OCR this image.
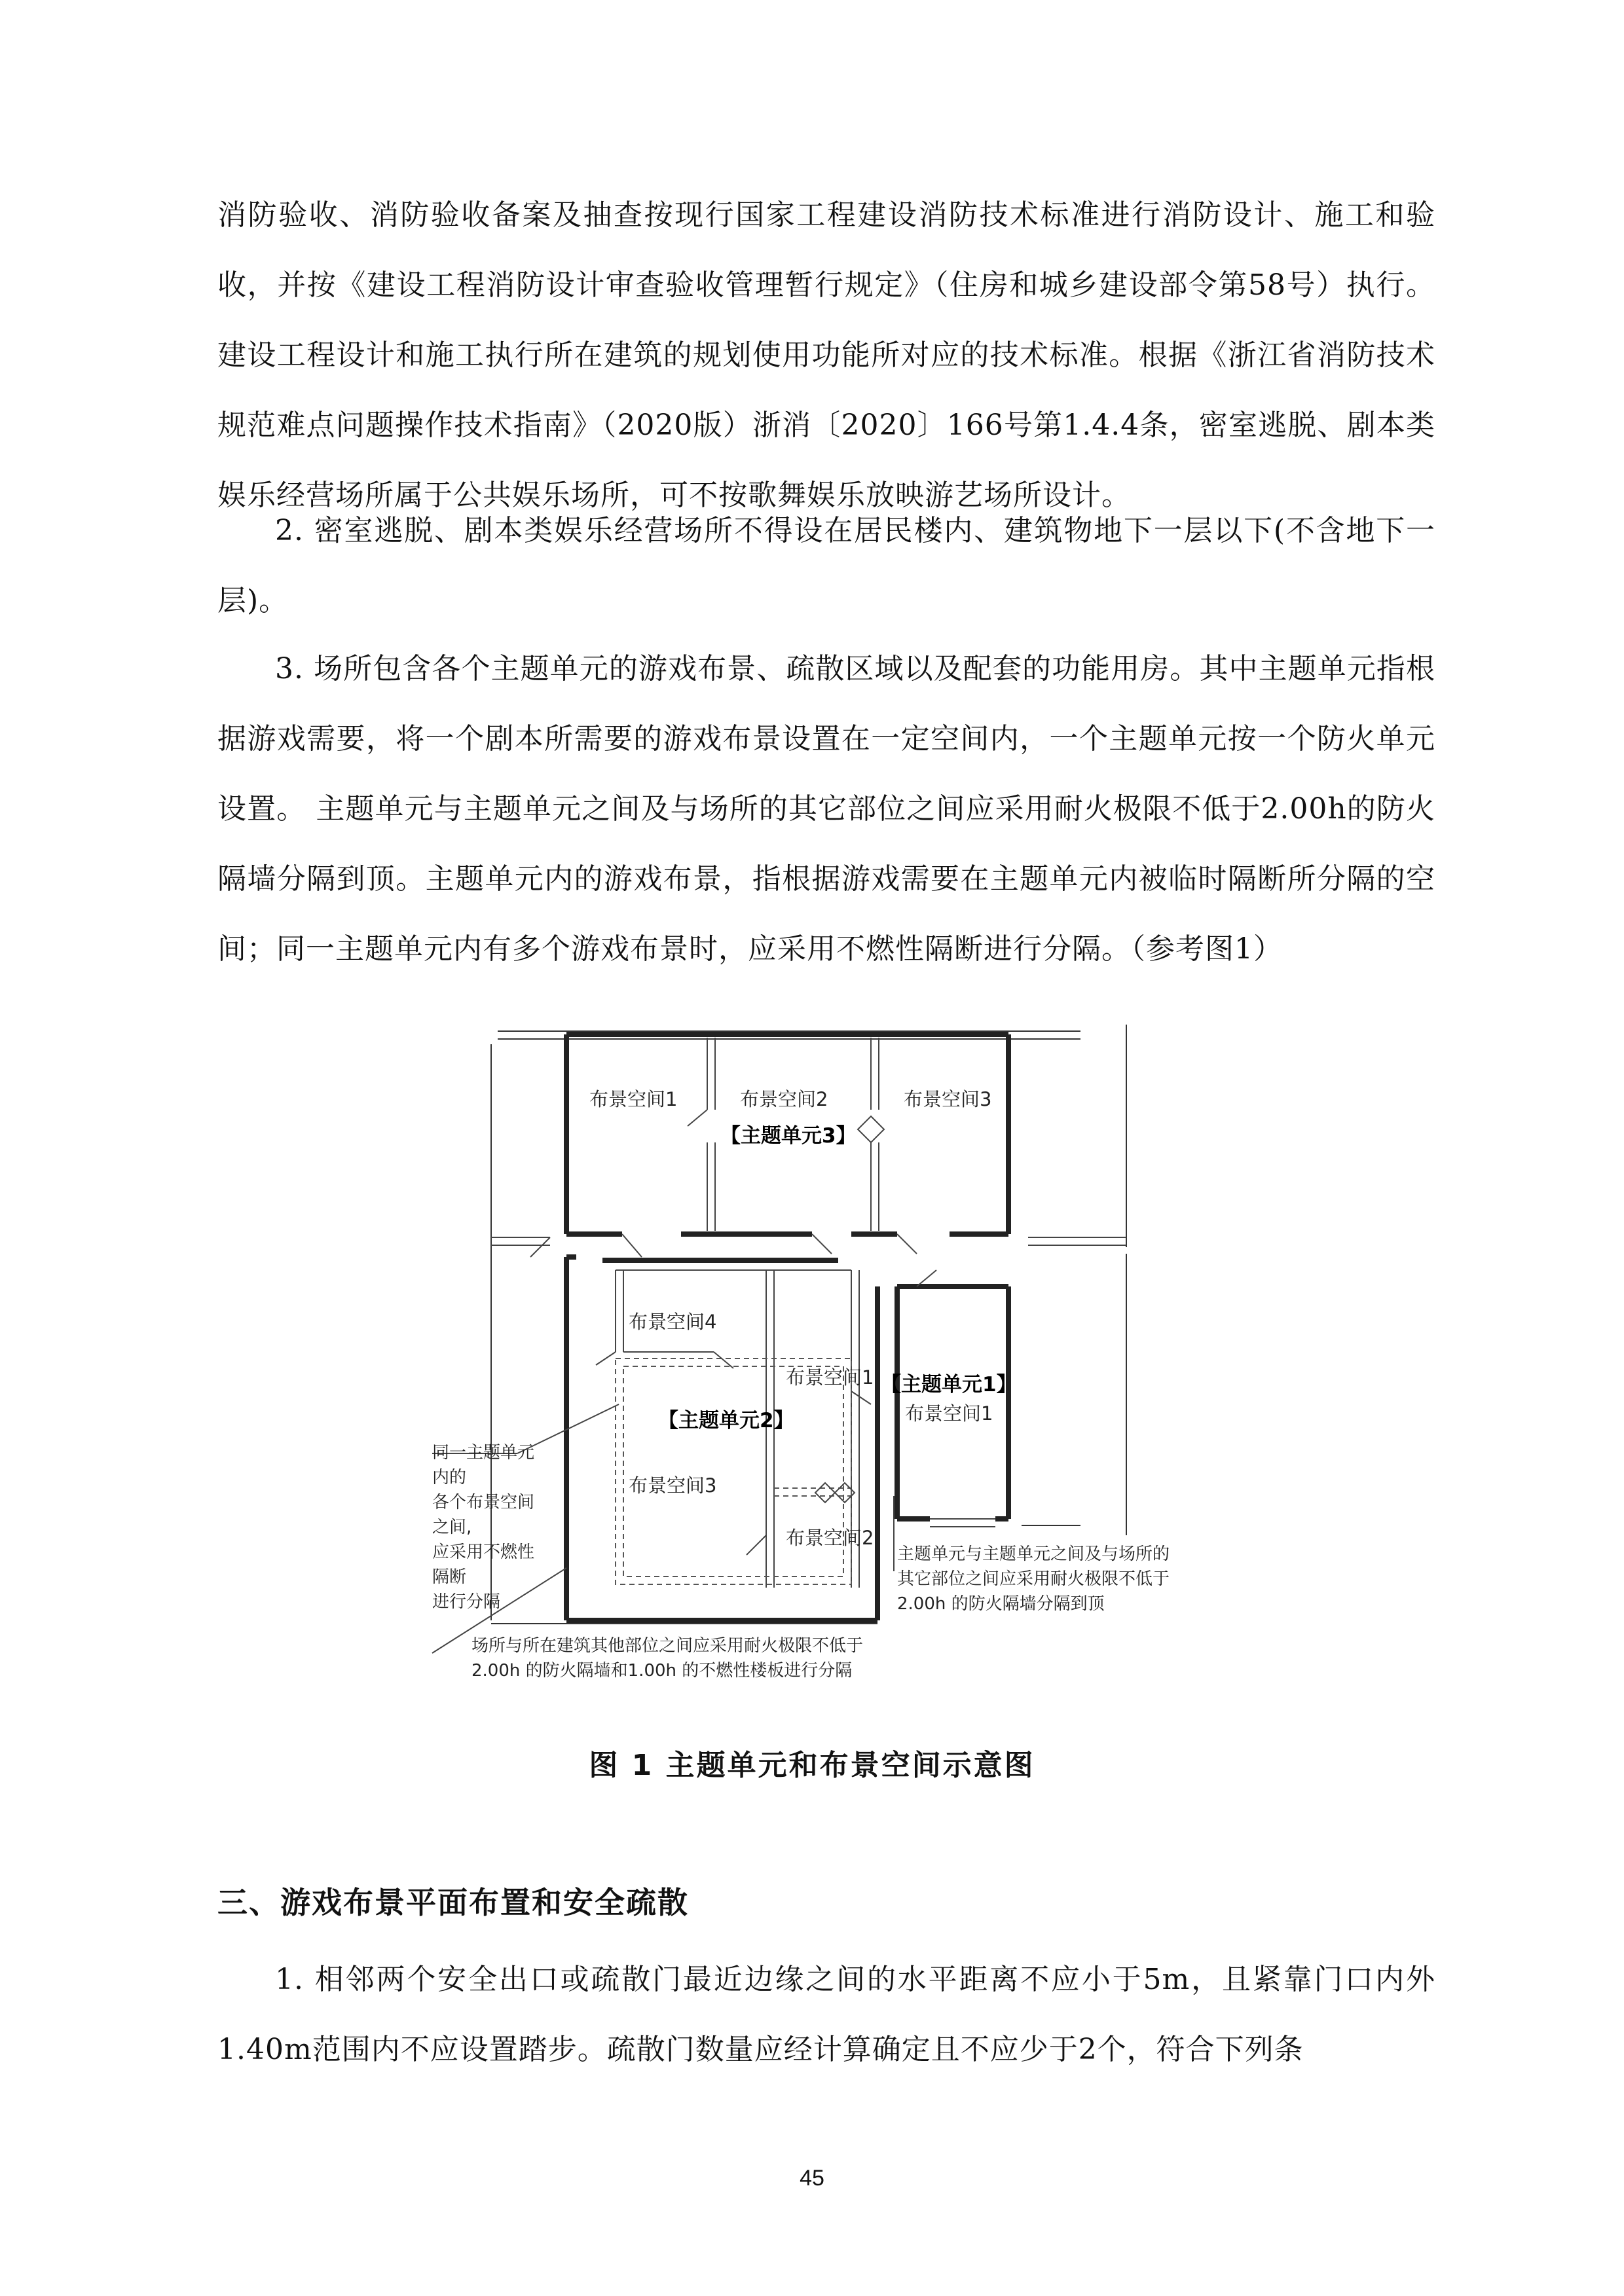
消防验收、消防验收备案及抽查按现行国家工程建设消防技术标准进行消防设计、施工和验收，并按《建设工程消防设计审查验收管理暂行规定》（住房和城乡建设部令第58号）执行。建设工程设计和施工执行所在建筑的规划使用功能所对应的技术标准。根据《浙江省消防技术规范难点问题操作技术指南》（2020版）浙消〔2020〕166号第1.4.4条，密室逃脱、剧本类娱乐经营场所属于公共娱乐场所，可不按歌舞娱乐放映游艺场所设计。

2. 密室逃脱、剧本类娱乐经营场所不得设在居民楼内、建筑物地下一层以下(不含地下一层)。

3. 场所包含各个主题单元的游戏布景、疏散区域以及配套的功能用房。其中主题单元指根据游戏需要，将一个剧本所需要的游戏布景设置在一定空间内，一个主题单元按一个防火单元设置。 主题单元与主题单元之间及与场所的其它部位之间应采用耐火极限不低于2.00h的防火隔墙分隔到顶。主题单元内的游戏布景，指根据游戏需要在主题单元内被临时隔断所分隔的空间；同一主题单元内有多个游戏布景时，应采用不燃性隔断进行分隔。（参考图1）

布景空间1	布景空间2	布景空间3
【主题单元3】
布景空间4
布景空间1
【主题单元2】
布景空间3
布景空间2
【主题单元1】
布景空间1
同一主题单元内的
各个布景空间之间,
应采用不燃性隔断
进行分隔
主题单元与主题单元之间及与场所的
其它部位之间应采用耐火极限不低于
2.00h 的防火隔墙分隔到顶
场所与所在建筑其他部位之间应采用耐火极限不低于
2.00h 的防火隔墙和1.00h 的不燃性楼板进行分隔
图 1 主题单元和布景空间示意图
三、游戏布景平面布置和安全疏散

1. 相邻两个安全出口或疏散门最近边缘之间的水平距离不应小于5m，且紧靠门口内外1.40m范围内不应设置踏步。疏散门数量应经计算确定且不应少于2个，符合下列条

45
